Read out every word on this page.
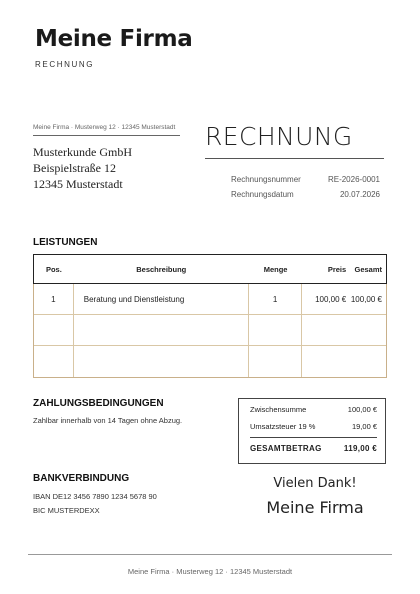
Meine Firma
RECHNUNG
Meine Firma · Musterweg 12 · 12345 Musterstadt
Musterkunde GmbH
Beispielstraße 12
12345 Musterstadt
RECHNUNG
Rechnungsnummer	RE-2026-0001
Rechnungsdatum	20.07.2026
LEISTUNGEN
Pos.	Beschreibung	Menge	Preis	Gesamt
1	Beratung und Dienstleistung	1	100,00 € 100,00 €
ZAHLUNGSBEDINGUNGEN
Zahlbar innerhalb von 14 Tagen ohne Abzug.
Zwischensumme	100,00 €
Umsatzsteuer 19 %	19,00 €
GESAMTBETRAG	119,00 €
BANKVERBINDUNG
IBAN DE12 3456 7890 1234 5678 90
BIC MUSTERDEXX
Vielen Dank!
Meine Firma
Meine Firma · Musterweg 12 · 12345 Musterstadt
